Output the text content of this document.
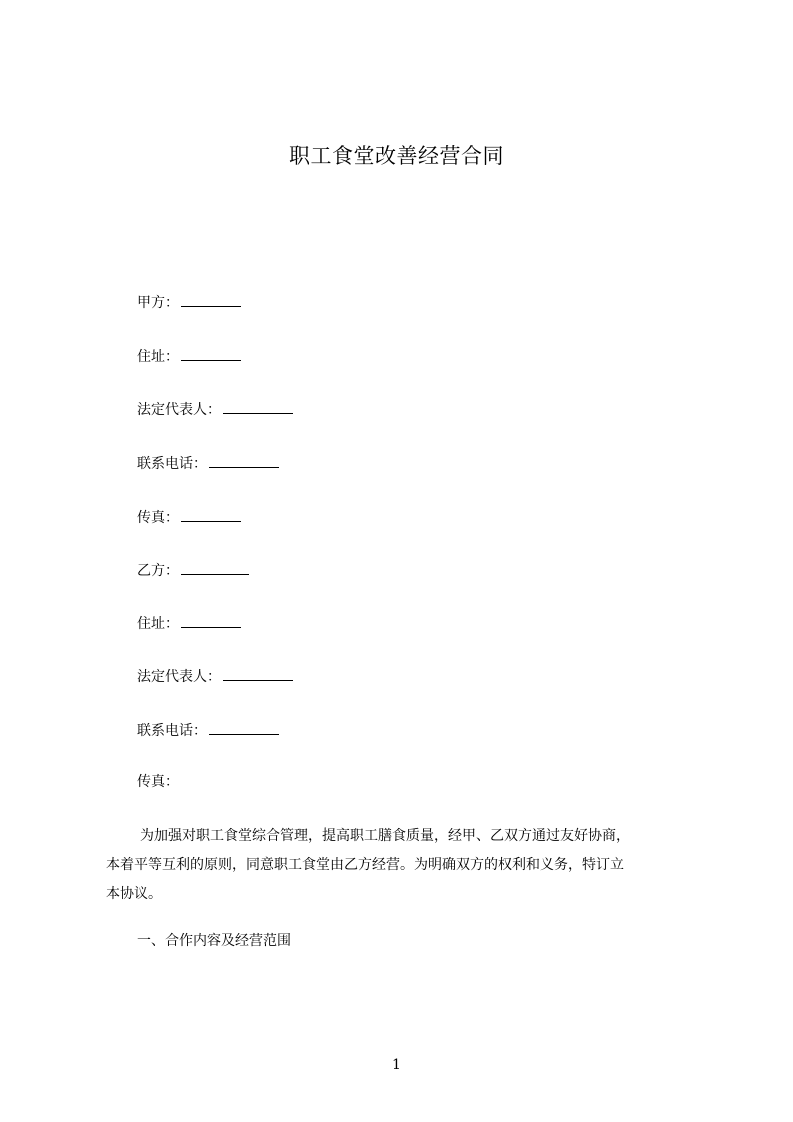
职工食堂改善经营合同
甲方：
住址：
法定代表人：
联系电话：
传真：
乙方：
住址：
法定代表人：
联系电话：
传真：
为加强对职工食堂综合管理，提高职工膳食质量，经甲、乙双方通过友好协商，
本着平等互利的原则，同意职工食堂由乙方经营。为明确双方的权利和义务，特订立
本协议。
一、合作内容及经营范围
1
